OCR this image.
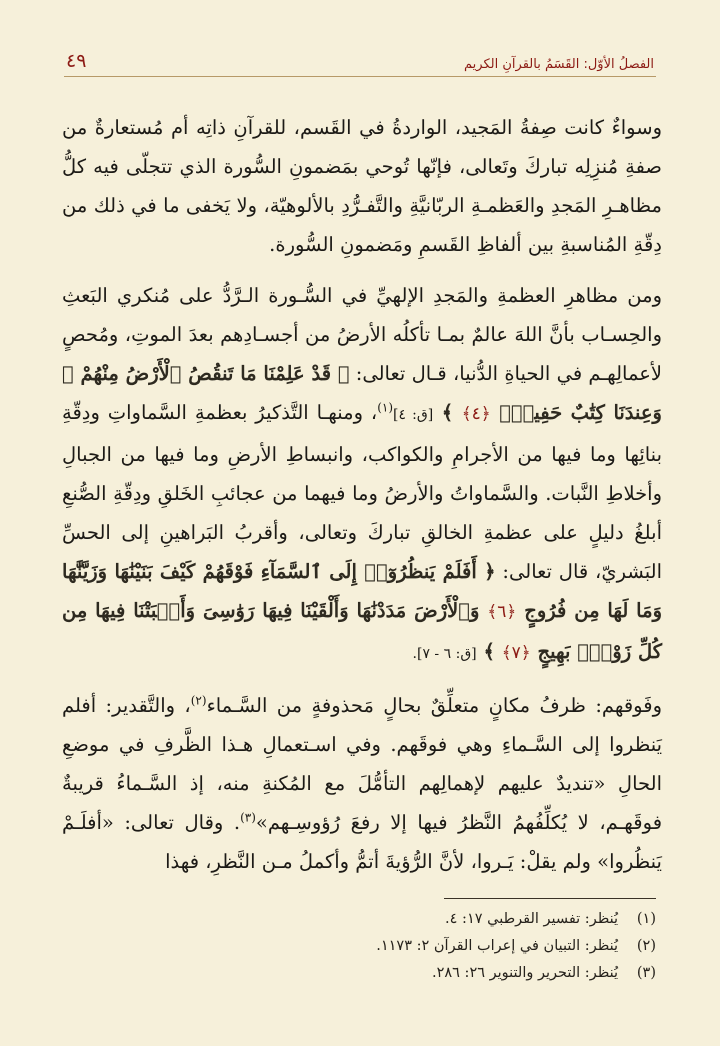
الفصلُ الأوّل: القَسَمُ بالقرآنِ الكريم
٤٩

وسواءٌ كانت صِفةُ المَجيد، الواردةُ في القَسم، للقرآنِ ذاتِه أم مُستعارةٌ من صفةِ مُنزِلِه تباركَ وتَعالى، فإنّها تُوحي بمَضمونِ السُّورة الذي تتجلّى فيه كلُّ مظاهـرِ المَجدِ والعَظمـةِ الربّانيَّةِ والتَّفـرُّدِ بالألوهيّة، ولا يَخفى ما في ذلك من دِقّةِ المُناسبةِ بين ألفاظِ القَسمِ ومَضمونِ السُّورة.

ومن مظاهرِ العظمةِ والمَجدِ الإلهيِّ في السُّـورة الـرَّدُّ على مُنكري البَعثِ والحِسـاب بأنَّ اللهَ عالمٌ بمـا تأكلُه الأرضُ من أجسـادِهم بعدَ الموتِ، ومُحصٍ لأعمالِهـم في الحياةِ الدُّنيا، قـال تعالى: ﴿ قَدْ عَلِمْنَا مَا تَنقُصُ ٱلْأَرْضُ مِنْهُمْ ۖ وَعِندَنَا كِتَٰبٌ حَفِيظٌۢ ﴿٤﴾ ﴾ [ق: ٤]$^{(١)}$، ومنهـا التَّذكيرُ بعظمةِ السَّماواتِ ودِقّةِ بنائِها وما فيها من الأجرامِ والكواكب، وانبساطِ الأرضِ وما فيها من الجبالِ وأخلاطِ النَّبات. والسَّماواتُ والأرضُ وما فيهما من عجائبِ الخَلقِ ودِقّةِ الصُّنعِ أبلغُ دليلٍ على عظمةِ الخالقِ تباركَ وتعالى، وأقربُ البَراهينِ إلى الحسِّ البَشريّ، قال تعالى: ﴿ أَفَلَمْ يَنظُرُوٓا۟ إِلَى ٱلسَّمَآءِ فَوْقَهُمْ كَيْفَ بَنَيْنَٰهَا وَزَيَّنَّٰهَا وَمَا لَهَا مِن فُرُوجٍ ﴿٦﴾ وَٱلْأَرْضَ مَدَدْنَٰهَا وَأَلْقَيْنَا فِيهَا رَوَٰسِىَ وَأَنۢبَتْنَا فِيهَا مِن كُلِّ زَوْجٍۭ بَهِيجٍ ﴿٧﴾ ﴾ [ق: ٦ - ٧].

وفَوقهم: ظرفُ مكانٍ متعلِّقٌ بحالٍ مَحذوفةٍ من السَّـماء$^{(٢)}$، والتَّقدير: أفلم يَنظروا إلى السَّـماءِ وهي فوقَهم. وفي اسـتعمالِ هـذا الظَّرفِ في موضعِ الحالِ «تنديدٌ عليهم لإهمالِهم التأمُّلَ مع المُكنةِ منه، إذ السَّـماءُ قريبةٌ فوقَهـم، لا يُكلِّفُهمُ النَّظرُ فيها إلا رفعَ رُؤوسِـهم»$^{(٣)}$. وقال تعالى: «أفلَـمْ يَنظُروا» ولم يقلْ: يَـروا، لأنَّ الرُّؤيةَ أتمُّ وأكملُ مـن النَّظرِ، فهذا

(١)
يُنظر: تفسير القرطبي ١٧: ٤.
(٢)
يُنظر: التبيان في إعراب القرآن ٢: ١١٧٣.
(٣)
يُنظر: التحرير والتنوير ٢٦: ٢٨٦.
